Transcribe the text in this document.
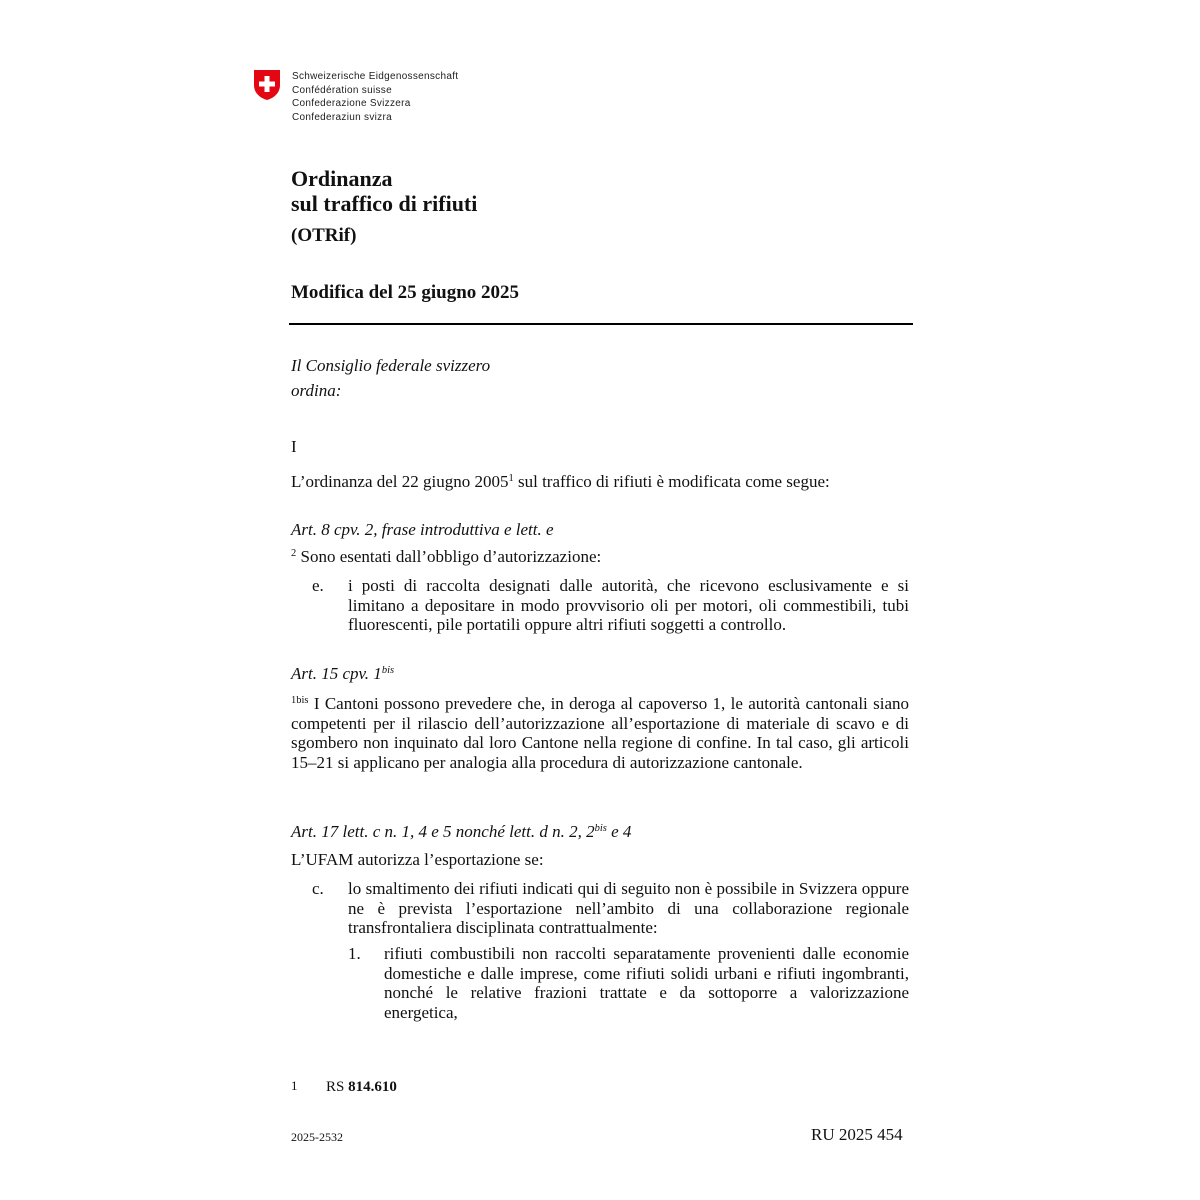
Schweizerische Eidgenossenschaft
Confédération suisse
Confederazione Svizzera
Confederaziun svizra
Ordinanza
sul traffico di rifiuti
(OTRif)
Modifica del 25 giugno 2025
Il Consiglio federale svizzero
ordina:
I
L’ordinanza del 22 giugno 2005$^1$ sul traffico di rifiuti è modificata come segue:
Art. 8 cpv. 2, frase introduttiva e lett. e
$^2$ Sono esentati dall’obbligo d’autorizzazione:
e. i posti di raccolta designati dalle autorità, che ricevono esclusivamente e si limitano a depositare in modo provvisorio oli per motori, oli commestibili, tubi fluorescenti, pile portatili oppure altri rifiuti soggetti a controllo.
Art. 15 cpv. $1^{bis}$
$^{1bis}$ I Cantoni possono prevedere che, in deroga al capoverso 1, le autorità cantonali siano competenti per il rilascio dell’autorizzazione all’esportazione di materiale di scavo e di sgombero non inquinato dal loro Cantone nella regione di confine. In tal caso, gli articoli 15–21 si applicano per analogia alla procedura di autorizzazione cantonale.
Art. 17 lett. c n. 1, 4 e 5 nonché lett. d n. 2, $2^{bis}$ e 4
L’UFAM autorizza l’esportazione se:
c. lo smaltimento dei rifiuti indicati qui di seguito non è possibile in Svizzera oppure ne è prevista l’esportazione nell’ambito di una collaborazione regionale transfrontaliera disciplinata contrattualmente:
1. rifiuti combustibili non raccolti separatamente provenienti dalle economie domestiche e dalle imprese, come rifiuti solidi urbani e rifiuti ingombranti, nonché le relative frazioni trattate e da sottoporre a valorizzazione energetica,
1 RS 814.610
2025-2532	RU 2025 454
